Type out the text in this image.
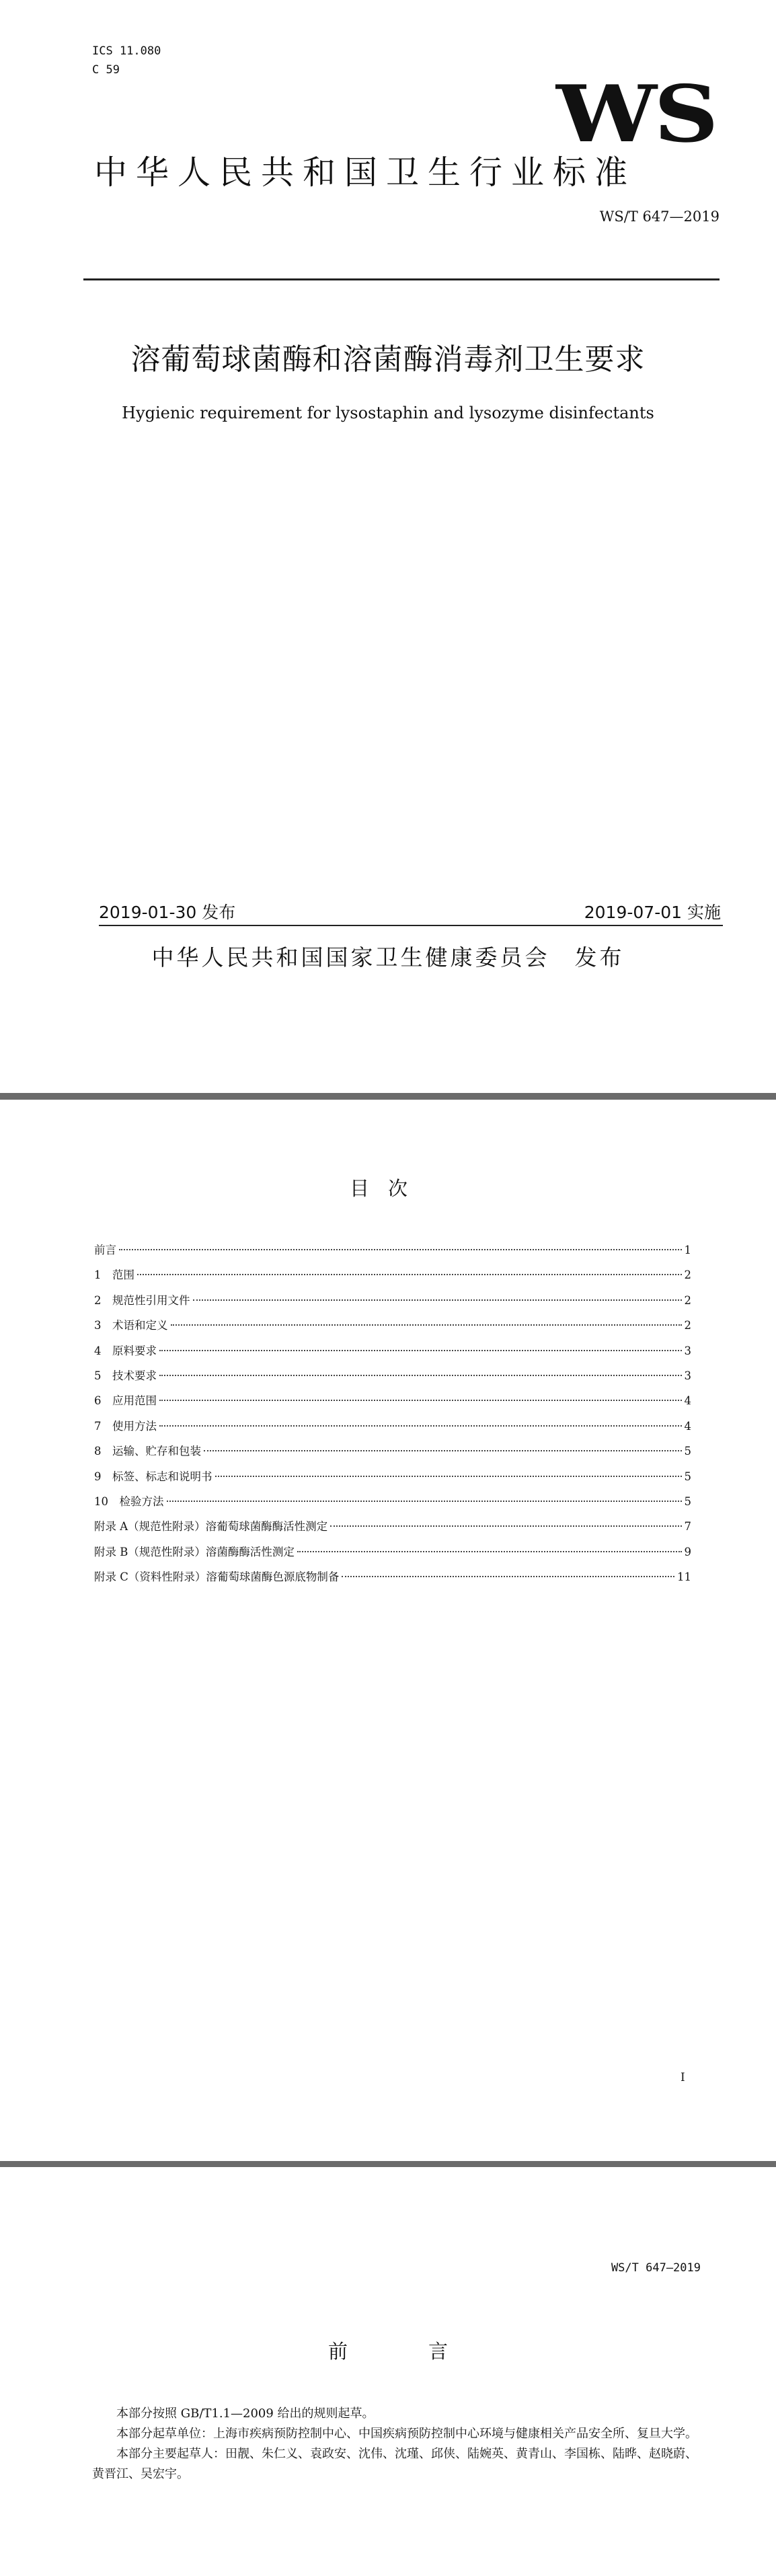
ICS 11.080
C 59	WS
中华人民共和国卫生行业标准
WS/T 647—2019
溶葡萄球菌酶和溶菌酶消毒剂卫生要求
Hygienic requirement for lysostaphin and lysozyme disinfectants
2019-01-30 发布	2019-07-01 实施
中华人民共和国国家卫生健康委员会　发布
目次
前言	1
1　范围	2
2　规范性引用文件	2
3　术语和定义	2
4　原料要求	3
5　技术要求	3
6　应用范围	4
7　使用方法	4
8　运输、贮存和包装	5
9　标签、标志和说明书	5
10　检验方法	5
附录 A（规范性附录）溶葡萄球菌酶酶活性测定	7
附录 B（规范性附录）溶菌酶酶活性测定	9
附录 C（资料性附录）溶葡萄球菌酶色源底物制备	11
I
WS/T 647—2019
前言

本部分按照 GB/T1.1—2009 给出的规则起草。

本部分起草单位：上海市疾病预防控制中心、中国疾病预防控制中心环境与健康相关产品安全所、复旦大学。

本部分主要起草人：田靓、朱仁义、袁政安、沈伟、沈瑾、邱侠、陆婉英、黄青山、李国栋、陆晔、赵晓蔚、黄晋江、吴宏宇。
